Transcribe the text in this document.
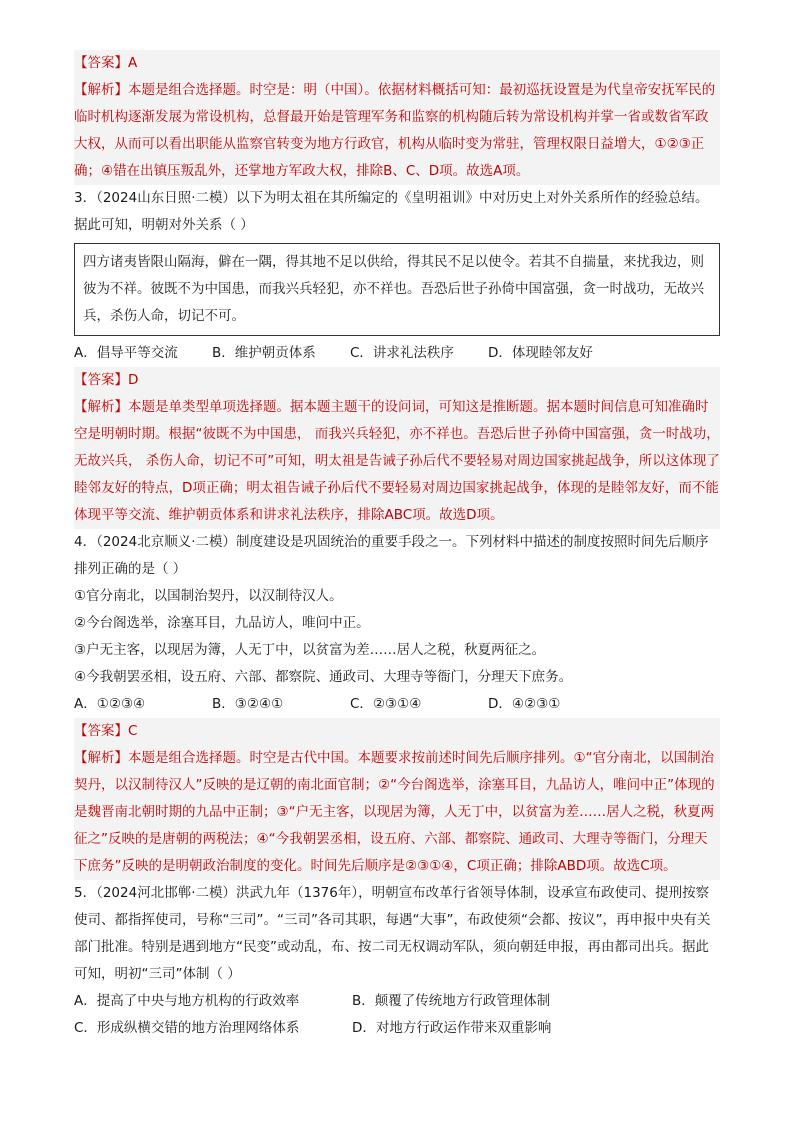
【答案】A
【解析】本题是组合选择题。时空是：明（中国）。依据材料概括可知：最初巡抚设置是为代皇帝安抚军民的临时机构逐渐发展为常设机构，总督最开始是管理军务和监察的机构随后转为常设机构并掌一省或数省军政大权，从而可以看出职能从监察官转变为地方行政官，机构从临时变为常驻，管理权限日益增大，①②③正确；④错在出镇压叛乱外，还掌地方军政大权，排除B、C、D项。故选A项。
3．（2024山东日照·二模）以下为明太祖在其所编定的《皇明祖训》中对历史上对外关系所作的经验总结。据此可知，明朝对外关系（ ）
四方诸夷皆限山隔海，僻在一隅，得其地不足以供给，得其民不足以使令。若其不自揣量，来扰我边，则彼为不祥。彼既不为中国患，而我兴兵轻犯，亦不祥也。吾恐后世子孙倚中国富强，贪一时战功，无故兴兵，杀伤人命，切记不可。
A．倡导平等交流	B．维护朝贡体系	C．讲求礼法秩序	D．体现睦邻友好
【答案】D
【解析】本题是单类型单项选择题。据本题主题干的设问词，可知这是推断题。据本题时间信息可知准确时空是明朝时期。根据“彼既不为中国患， 而我兴兵轻犯，亦不祥也。吾恐后世子孙倚中国富强，贪一时战功， 无故兴兵， 杀伤人命，切记不可”可知，明太祖是告诫子孙后代不要轻易对周边国家挑起战争，所以这体现了睦邻友好的特点，D项正确；明太祖告诫子孙后代不要轻易对周边国家挑起战争，体现的是睦邻友好，而不能体现平等交流、维护朝贡体系和讲求礼法秩序，排除ABC项。故选D项。
4．（2024北京顺义·二模）制度建设是巩固统治的重要手段之一。下列材料中描述的制度按照时间先后顺序排列正确的是（ ）
①官分南北，以国制治契丹，以汉制待汉人。
②今台阁选举，涂塞耳目，九品访人，唯问中正。
③户无主客，以现居为簿，人无丁中，以贫富为差……居人之税，秋夏两征之。
④今我朝罢丞相，设五府、六部、都察院、通政司、大理寺等衙门，分理天下庶务。
A．①②③④	B．③②④①	C．②③①④	D．④②③①
【答案】C
【解析】本题是组合选择题。时空是古代中国。本题要求按前述时间先后顺序排列。①“官分南北，以国制治契丹，以汉制待汉人”反映的是辽朝的南北面官制；②“今台阁选举，涂塞耳目，九品访人，唯问中正”体现的是魏晋南北朝时期的九品中正制；③“户无主客，以现居为簿，人无丁中，以贫富为差……居人之税，秋夏两征之”反映的是唐朝的两税法；④“今我朝罢丞相，设五府、六部、都察院、通政司、大理寺等衙门，分理天下庶务”反映的是明朝政治制度的变化。时间先后顺序是②③①④，C项正确；排除ABD项。故选C项。
5．（2024河北邯郸·二模）洪武九年（1376年），明朝宣布改革行省领导体制，设承宣布政使司、提刑按察使司、都指挥使司，号称“三司”。“三司”各司其职，每遇“大事”，布政使须“会都、按议”，再申报中央有关部门批准。特别是遇到地方“民变”或动乱，布、按二司无权调动军队，须向朝廷申报，再由都司出兵。据此可知，明初“三司”体制（ ）
A．提高了中央与地方机构的行政效率	B．颠覆了传统地方行政管理体制
C．形成纵横交错的地方治理网络体系	D．对地方行政运作带来双重影响
